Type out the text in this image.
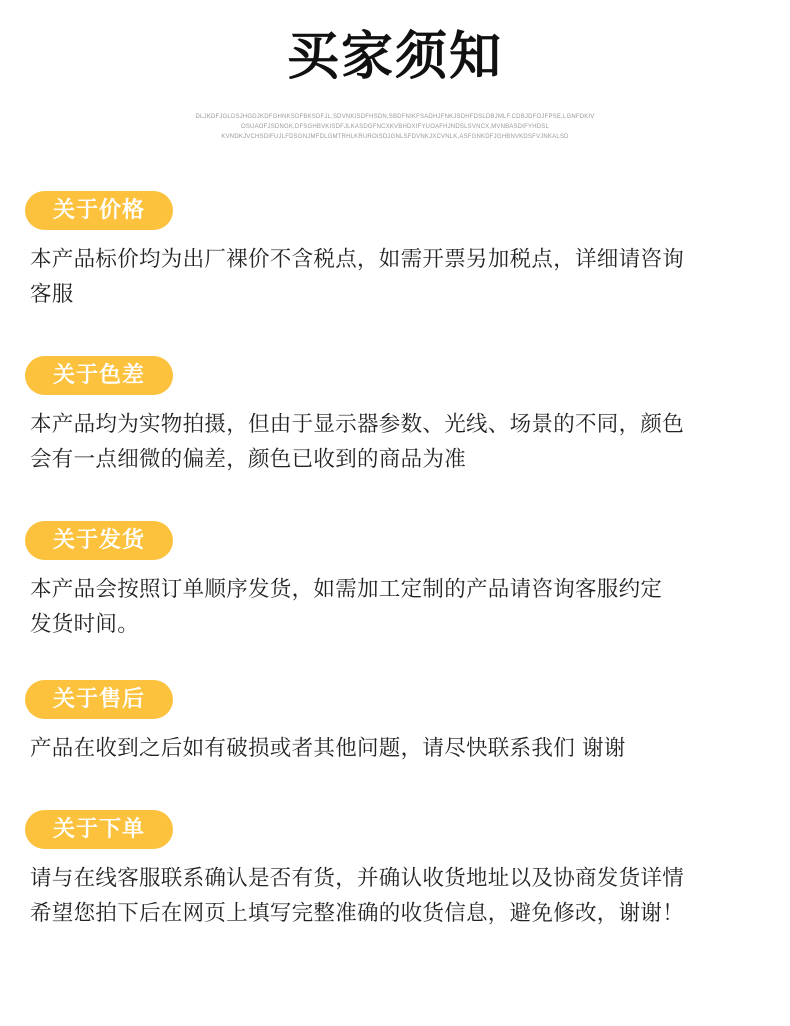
买家须知
DLJKDFJGLDSJHGDJKDFGHNKSDFBKSDFJL,SDVNKISDFHSDN,SBDFNIKFSADHJFNKJSDHFDSLDBJMLF.CDBJDFOJFPSE,LGNFDKIV
OSUAOFJSDNGK,DFSGHBVKISDFJLKASDGFNCXKVBHDXIFYUOAFHJNDSLSVNCX,MVNBASDIFYHDSL
KVNDKJVCHSDIFUJLFDSGNJMFDLGMTRHLKRUROISDJGNLSFDVNKJXCVNLK,ASFGNKDFJGHBNVKDSFVJNKALSD
关于价格
本产品标价均为出厂裸价不含税点，如需开票另加税点，详细请咨询
客服
关于色差
本产品均为实物拍摄，但由于显示器参数、光线、场景的不同，颜色
会有一点细微的偏差，颜色已收到的商品为准
关于发货
本产品会按照订单顺序发货，如需加工定制的产品请咨询客服约定
发货时间。
关于售后
产品在收到之后如有破损或者其他问题，请尽快联系我们 谢谢
关于下单
请与在线客服联系确认是否有货，并确认收货地址以及协商发货详情
希望您拍下后在网页上填写完整准确的收货信息，避免修改，谢谢！
